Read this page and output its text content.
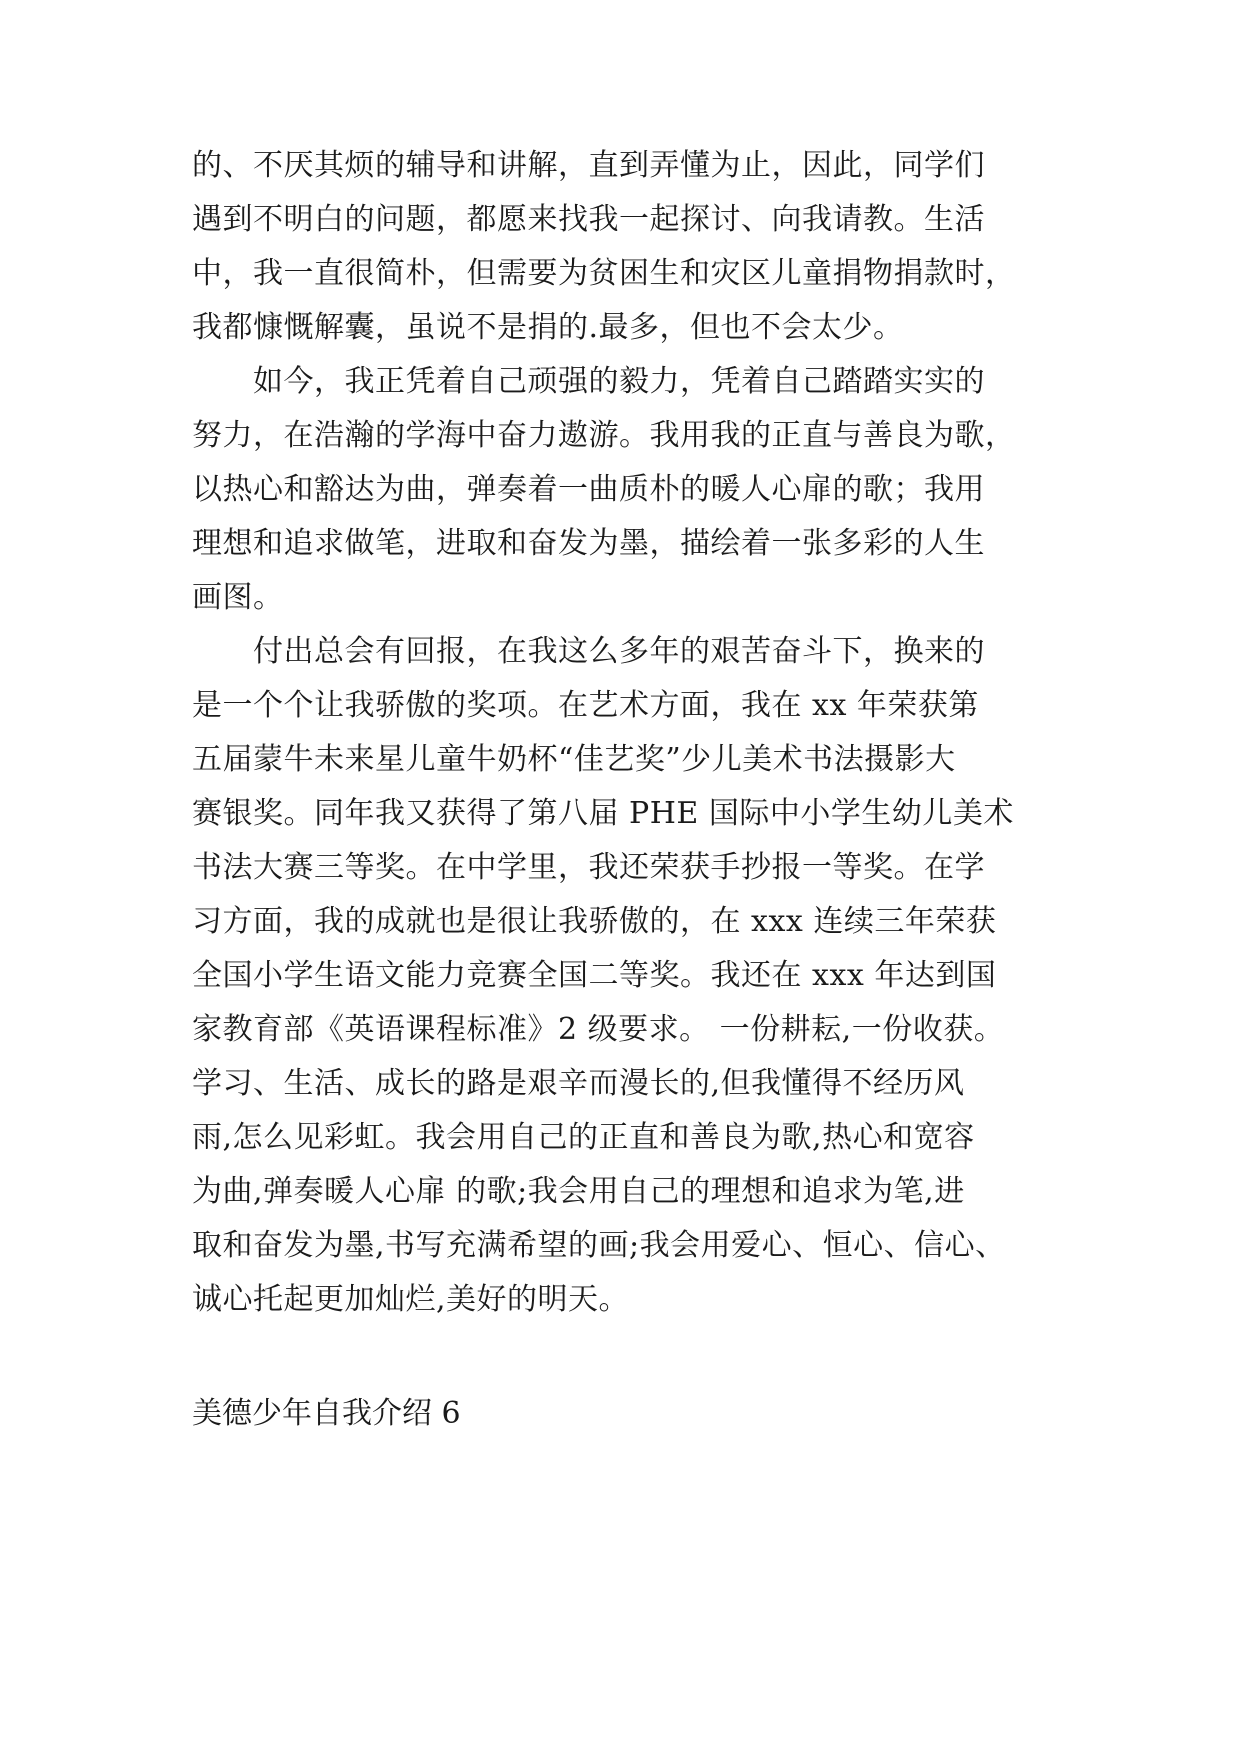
的、不厌其烦的辅导和讲解，直到弄懂为止，因此，同学们
遇到不明白的问题，都愿来找我一起探讨、向我请教。生活
中，我一直很简朴，但需要为贫困生和灾区儿童捐物捐款时，
我都慷慨解囊，虽说不是捐的.最多，但也不会太少。
　　如今，我正凭着自己顽强的毅力，凭着自己踏踏实实的
努力，在浩瀚的学海中奋力遨游。我用我的正直与善良为歌，
以热心和豁达为曲，弹奏着一曲质朴的暖人心扉的歌；我用
理想和追求做笔，进取和奋发为墨，描绘着一张多彩的人生
画图。
　　付出总会有回报，在我这么多年的艰苦奋斗下，换来的
是一个个让我骄傲的奖项。在艺术方面，我在 xx 年荣获第
五届蒙牛未来星儿童牛奶杯“佳艺奖”少儿美术书法摄影大
赛银奖。同年我又获得了第八届 PHE 国际中小学生幼儿美术
书法大赛三等奖。在中学里，我还荣获手抄报一等奖。在学
习方面，我的成就也是很让我骄傲的，在 xxx 连续三年荣获
全国小学生语文能力竞赛全国二等奖。我还在 xxx 年达到国
家教育部《英语课程标准》2 级要求。 一份耕耘,一份收获。
学习、生活、成长的路是艰辛而漫长的,但我懂得不经历风
雨,怎么见彩虹。我会用自己的正直和善良为歌,热心和宽容
为曲,弹奏暖人心扉 的歌;我会用自己的理想和追求为笔,进
取和奋发为墨,书写充满希望的画;我会用爱心、恒心、信心、
诚心托起更加灿烂,美好的明天。
美德少年自我介绍 6
